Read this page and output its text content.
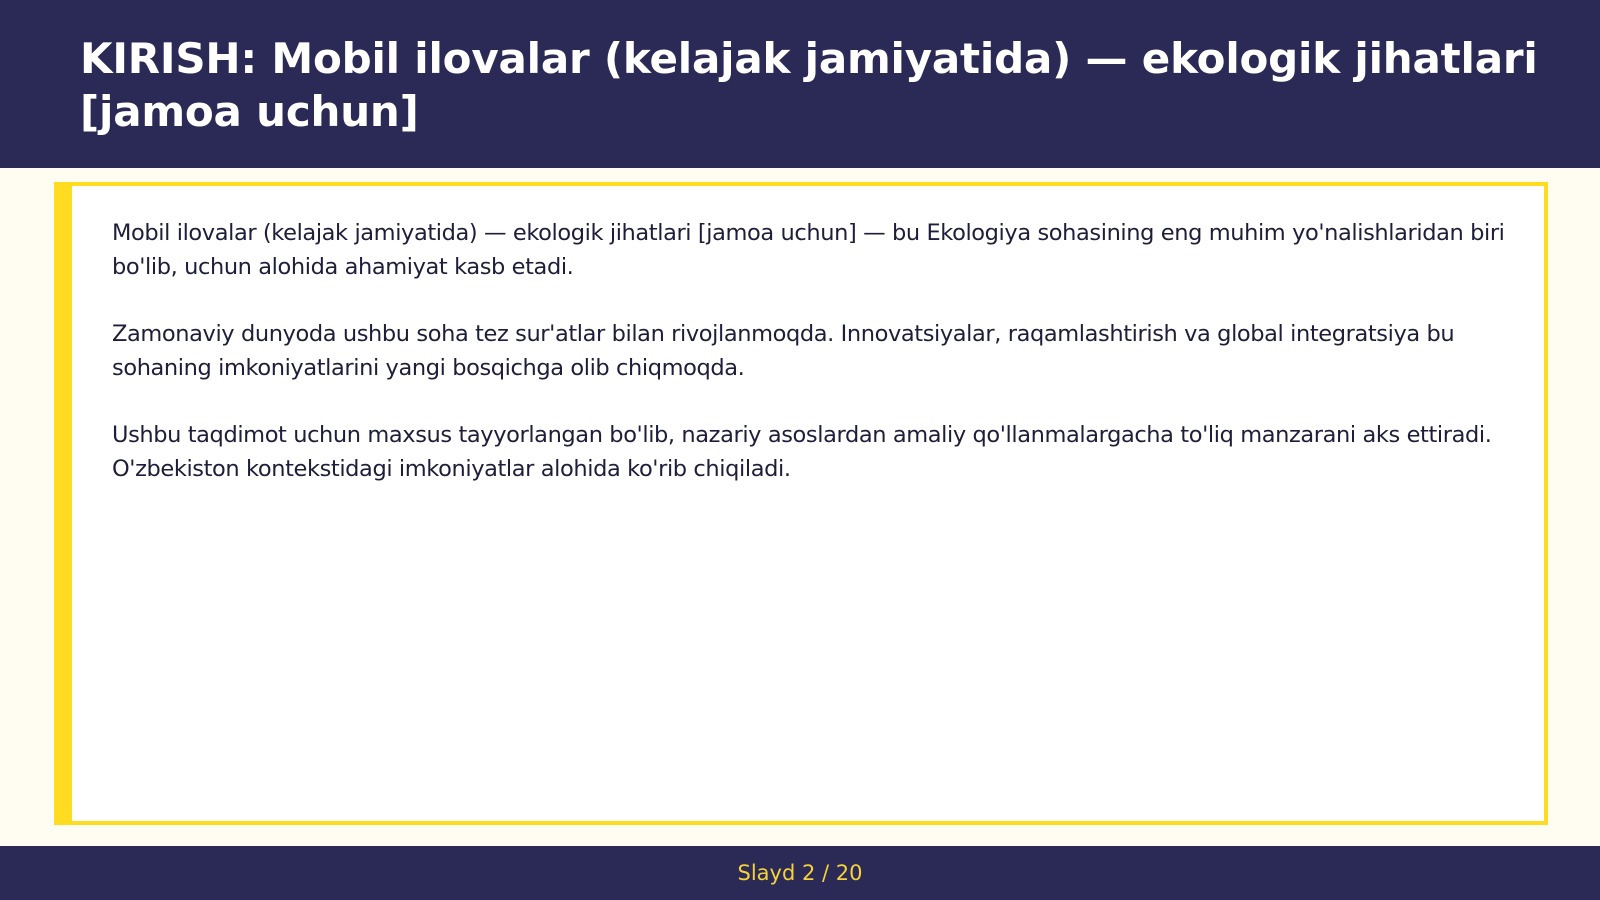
KIRISH: Mobil ilovalar (kelajak jamiyatida) — ekologik jihatlari [jamoa uchun]

Mobil ilovalar (kelajak jamiyatida) — ekologik jihatlari [jamoa uchun] — bu Ekologiya sohasining eng muhim yo'nalishlaridan biri bo'lib, uchun alohida ahamiyat kasb etadi.

Zamonaviy dunyoda ushbu soha tez sur'atlar bilan rivojlanmoqda. Innovatsiyalar, raqamlashtirish va global integratsiya bu sohaning imkoniyatlarini yangi bosqichga olib chiqmoqda.

Ushbu taqdimot uchun maxsus tayyorlangan bo'lib, nazariy asoslardan amaliy qo'llanmalargacha to'liq manzarani aks ettiradi. O'zbekiston kontekstidagi imkoniyatlar alohida ko'rib chiqiladi.

Slayd 2 / 20
